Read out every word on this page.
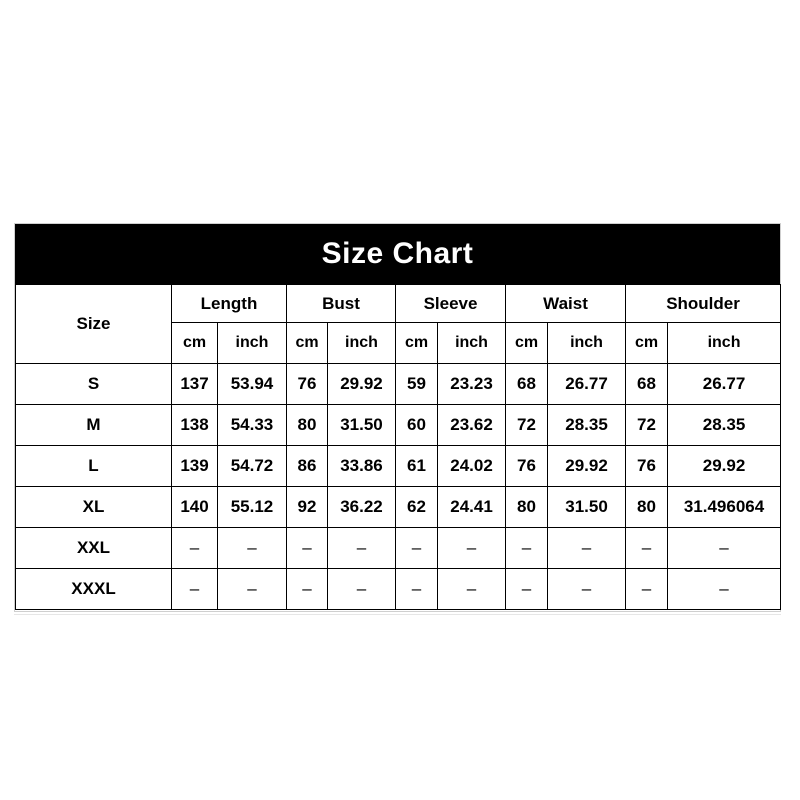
Size Chart
Size	Length		Bust		Sleeve		Waist		Shoulder	
	cm	inch	cm	inch	cm	inch	cm	inch	cm	inch
S	137	53.94	76	29.92	59	23.23	68	26.77	68	26.77
M	138	54.33	80	31.50	60	23.62	72	28.35	72	28.35
L	139	54.72	86	33.86	61	24.02	76	29.92	76	29.92
XL	140	55.12	92	36.22	62	24.41	80	31.50	80	31.496064
XXL	–	–	–	–	–	–	–	–	–	–
XXXL	–	–	–	–	–	–	–	–	–	–
